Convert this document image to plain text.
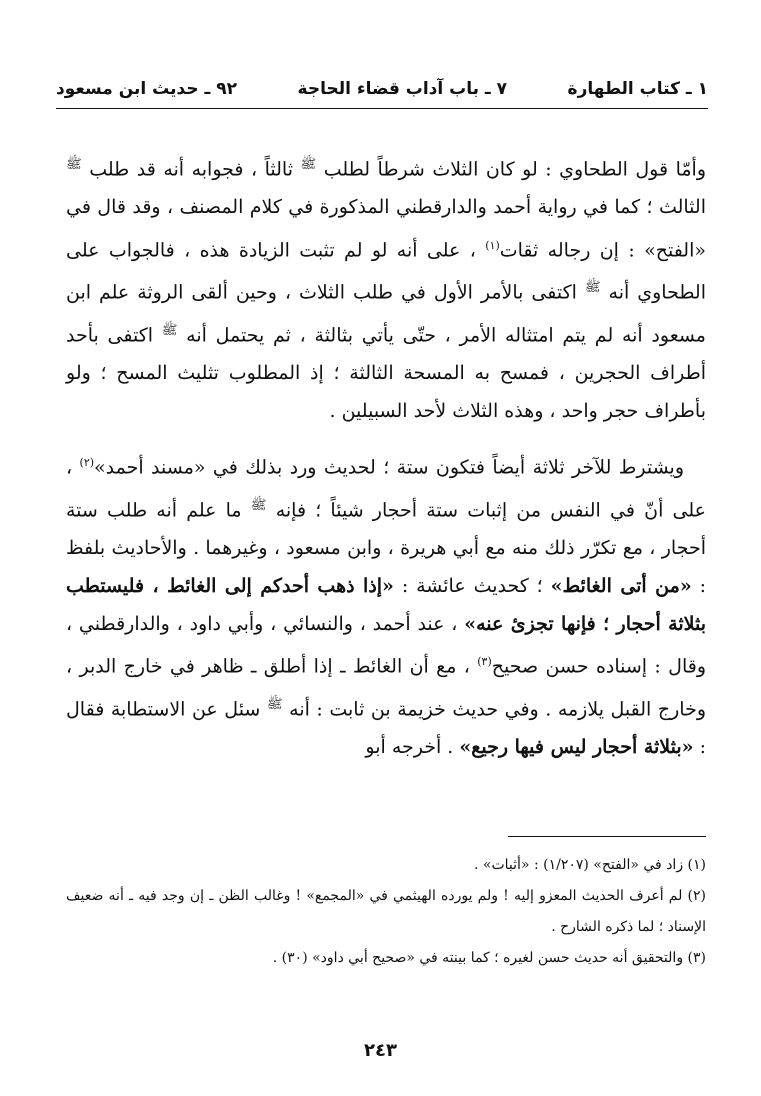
١ ـ كتاب الطهارة
٧ ـ باب آداب قضاء الحاجة
٩٢ ـ حديث ابن مسعود

وأمّا قول الطحاوي : لو كان الثلاث شرطاً لطلب $^ﷺ$ ثالثاً ، فجوابه أنه قد طلب $^ﷺ$ الثالث ؛ كما في رواية أحمد والدارقطني المذكورة في كلام المصنف ، وقد قال في «الفتح» : إن رجاله ثقات$^{(١)}$ ، على أنه لو لم تثبت الزيادة هذه ، فالجواب على الطحاوي أنه $^ﷺ$ اكتفى بالأمر الأول في طلب الثلاث ، وحين ألقى الروثة علم ابن مسعود أنه لم يتم امتثاله الأمر ، حتّى يأتي بثالثة ، ثم يحتمل أنه $^ﷺ$ اكتفى بأحد أطراف الحجرين ، فمسح به المسحة الثالثة ؛ إذ المطلوب تثليث المسح ؛ ولو بأطراف حجر واحد ، وهذه الثلاث لأحد السبيلين .

ويشترط للآخر ثلاثة أيضاً فتكون ستة ؛ لحديث ورد بذلك في «مسند أحمد»$^{(٢)}$ ، على أنّ في النفس من إثبات ستة أحجار شيئاً ؛ فإنه $^ﷺ$ ما علم أنه طلب ستة أحجار ، مع تكرّر ذلك منه مع أبي هريرة ، وابن مسعود ، وغيرهما . والأحاديث بلفظ : «من أتى الغائط» ؛ كحديث عائشة : «إذا ذهب أحدكم إلى الغائط ، فليستطب بثلاثة أحجار ؛ فإنها تجزئ عنه» ، عند أحمد ، والنسائي ، وأبي داود ، والدارقطني ، وقال : إسناده حسن صحيح$^{(٣)}$ ، مع أن الغائط ـ إذا أطلق ـ ظاهر في خارج الدبر ، وخارج القبل يلازمه . وفي حديث خزيمة بن ثابت : أنه $^ﷺ$ سئل عن الاستطابة فقال : «بثلاثة أحجار ليس فيها رجيع» . أخرجه أبو

(١) زاد في «الفتح» (١/٢٠٧) : «أثبات» .
(٢) لم أعرف الحديث المعزو إليه ! ولم يورده الهيثمي في «المجمع» ! وغالب الظن ـ إن وجد فيه ـ أنه ضعيف الإسناد ؛ لما ذكره الشارح .
(٣) والتحقيق أنه حديث حسن لغيره ؛ كما بينته في «صحيح أبي داود» (٣٠) .
٢٤٣
